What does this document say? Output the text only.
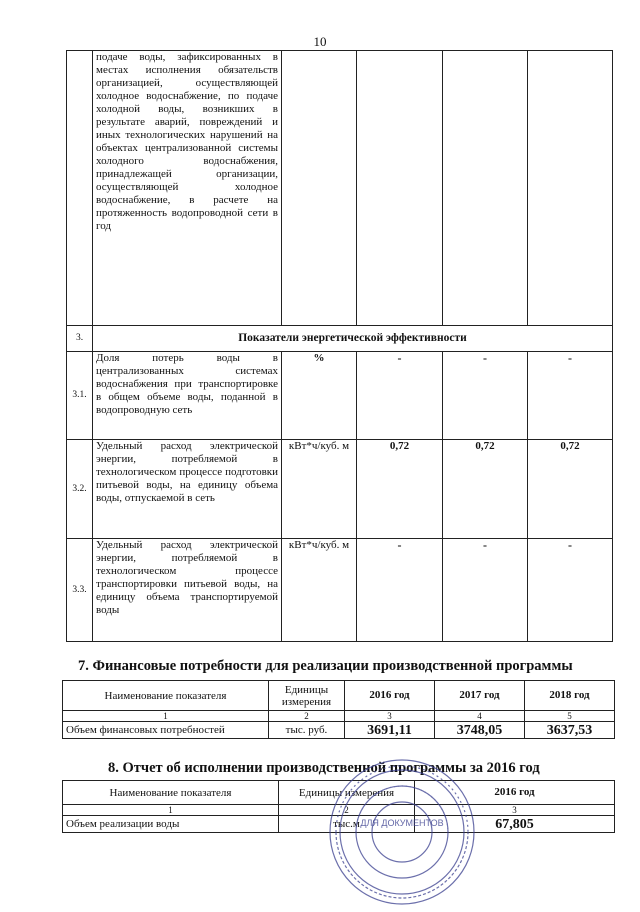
10
	подаче воды, зафиксированных в местах исполнения обязательств организацией, осуществляющей холодное водоснабжение, по подаче холодной воды, возникших в результате аварий, повреждений и иных технологических нарушений на объектах централизованной системы холодного водоснабжения, принадлежащей организации, осуществляющей холодное водоснабжение, в расчете на протяженность водопроводной сети в год				
3.	Показатели энергетической эффективности				
3.1.	Доля потерь воды в централизованных системах водоснабжения при транспортировке в общем объеме воды, поданной в водопроводную сеть	%	-	-	-
3.2.	Удельный расход электрической энергии, потребляемой в технологическом процессе подготовки питьевой воды, на единицу объема воды, отпускаемой в сеть	кВт*ч/куб. м	0,72	0,72	0,72
3.3.	Удельный расход электрической энергии, потребляемой в технологическом процессе транспортировки питьевой воды, на единицу объема транспортируемой воды	кВт*ч/куб. м	-	-	-
7. Финансовые потребности для реализации производственной программы
Наименование показателя	Единицы измерения	2016 год	2017 год	2018 год
1	2	3	4	5
Объем финансовых потребностей	тыс. руб.	3691,11	3748,05	3637,53
8. Отчет об исполнении производственной программы за 2016 год
Наименование показателя	Единицы измерения	2016 год
1	2	3
Объем реализации воды	тыс.м	67,805
ДЛЯ ДОКУМЕНТОВ
